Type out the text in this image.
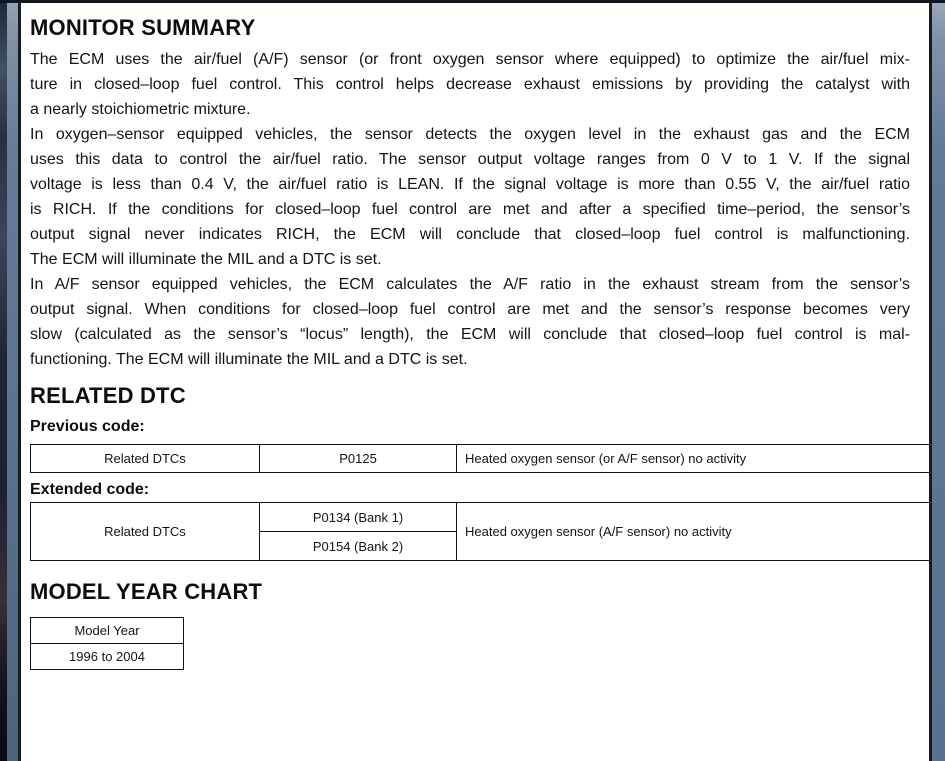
MONITOR SUMMARY
The ECM uses the air/fuel (A/F) sensor (or front oxygen sensor where equipped) to optimize the air/fuel mix-
ture in closed–loop fuel control. This control helps decrease exhaust emissions by providing the catalyst with
a nearly stoichiometric mixture.
In oxygen–sensor equipped vehicles, the sensor detects the oxygen level in the exhaust gas and the ECM
uses this data to control the air/fuel ratio. The sensor output voltage ranges from 0 V to 1 V. If the signal
voltage is less than 0.4 V, the air/fuel ratio is LEAN. If the signal voltage is more than 0.55 V, the air/fuel ratio
is RICH. If the conditions for closed–loop fuel control are met and after a specified time–period, the sensor’s
output signal never indicates RICH, the ECM will conclude that closed–loop fuel control is malfunctioning.
The ECM will illuminate the MIL and a DTC is set.
In A/F sensor equipped vehicles, the ECM calculates the A/F ratio in the exhaust stream from the sensor’s
output signal. When conditions for closed–loop fuel control are met and the sensor’s response becomes very
slow (calculated as the sensor’s “locus” length), the ECM will conclude that closed–loop fuel control is mal-
functioning. The ECM will illuminate the MIL and a DTC is set.
RELATED DTC
Previous code:
Related DTCs	P0125	Heated oxygen sensor (or A/F sensor) no activity
Extended code:
Related DTCs	P0134 (Bank 1)	Heated oxygen sensor (A/F sensor) no activity
P0154 (Bank 2)
MODEL YEAR CHART
Model Year
1996 to 2004
